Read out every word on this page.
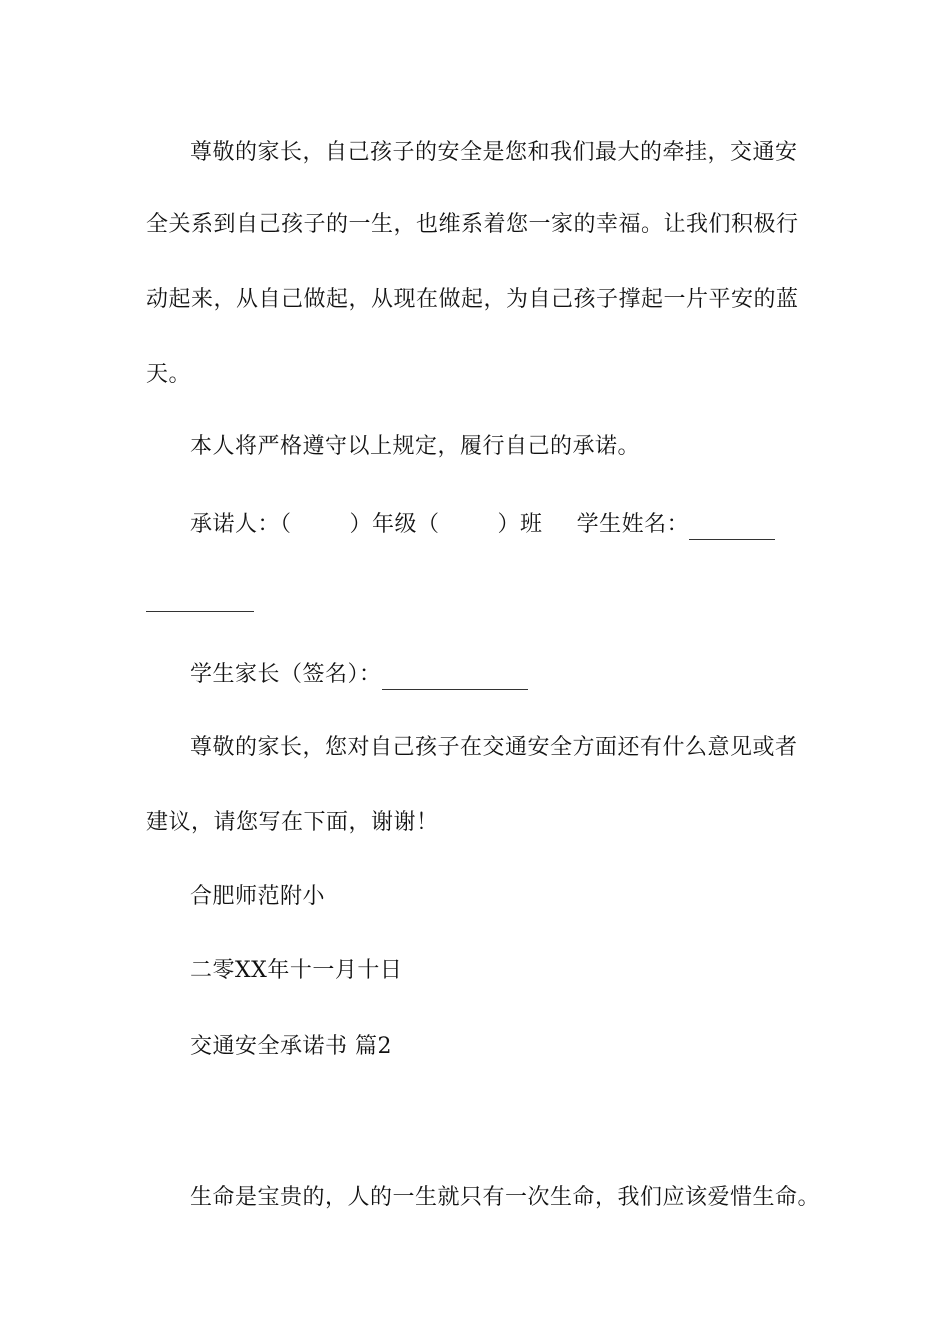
尊敬的家长，自己孩子的安全是您和我们最大的牵挂，交通安
全关系到自己孩子的一生，也维系着您一家的幸福。让我们积极行
动起来，从自己做起，从现在做起，为自己孩子撑起一片平安的蓝
天。
本人将严格遵守以上规定，履行自己的承诺。
承诺人：（	）年级（	）班 学生姓名：
学生家长（签名）：
尊敬的家长，您对自己孩子在交通安全方面还有什么意见或者
建议，请您写在下面，谢谢！
合肥师范附小
二零XX年十一月十日
交通安全承诺书 篇2
生命是宝贵的，人的一生就只有一次生命，我们应该爱惜生命。
